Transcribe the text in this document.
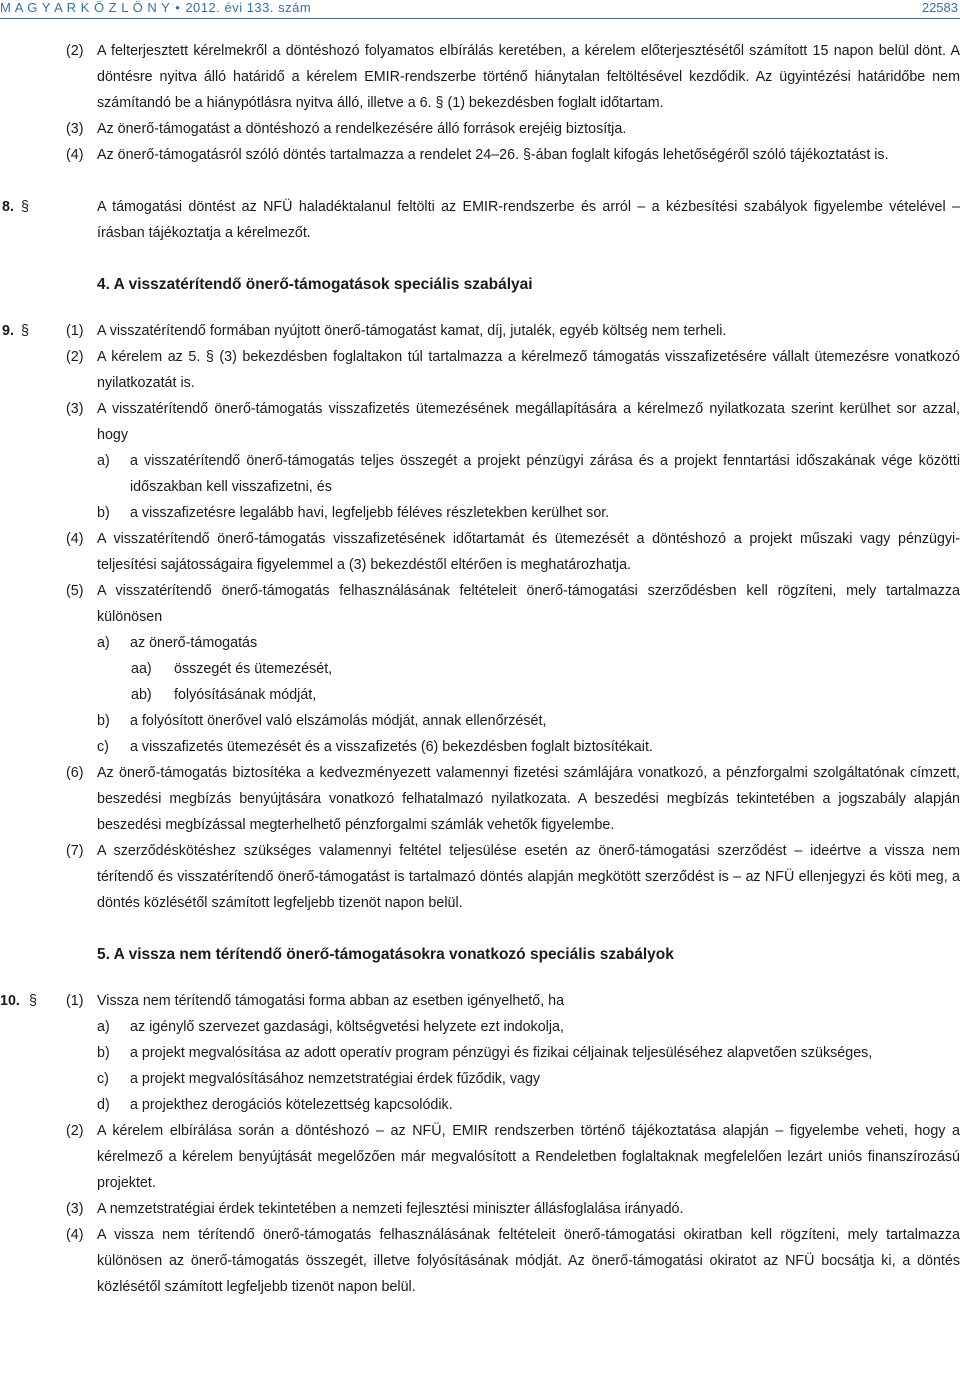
M A G Y A R K Ö Z L Ö N Y • 2012. évi 133. szám	22583

(2) A felterjesztett kérelmekről a döntéshozó folyamatos elbírálás keretében, a kérelem előterjesztésétől számított 15 napon belül dönt. A döntésre nyitva álló határidő a kérelem EMIR-rendszerbe történő hiánytalan feltöltésével kezdődik. Az ügyintézési határidőbe nem számítandó be a hiánypótlásra nyitva álló, illetve a 6. § (1) bekezdésben foglalt időtartam.

(3) Az önerő-támogatást a döntéshozó a rendelkezésére álló források erejéig biztosítja.

(4) Az önerő-támogatásról szóló döntés tartalmazza a rendelet 24–26. §-ában foglalt kifogás lehetőségéről szóló tájékoztatást is.

8. §	A támogatási döntést az NFÜ haladéktalanul feltölti az EMIR-rendszerbe és arról – a kézbesítési szabályok figyelembe vételével – írásban tájékoztatja a kérelmezőt.

4. A visszatérítendő önerő-támogatások speciális szabályai

9. §	(1) A visszatérítendő formában nyújtott önerő-támogatást kamat, díj, jutalék, egyéb költség nem terheli.

(2) A kérelem az 5. § (3) bekezdésben foglaltakon túl tartalmazza a kérelmező támogatás visszafizetésére vállalt ütemezésre vonatkozó nyilatkozatát is.

(3) A visszatérítendő önerő-támogatás visszafizetés ütemezésének megállapítására a kérelmező nyilatkozata szerint kerülhet sor azzal, hogy

a) a visszatérítendő önerő-támogatás teljes összegét a projekt pénzügyi zárása és a projekt fenntartási időszakának vége közötti időszakban kell visszafizetni, és

b) a visszafizetésre legalább havi, legfeljebb féléves részletekben kerülhet sor.

(4) A visszatérítendő önerő-támogatás visszafizetésének időtartamát és ütemezését a döntéshozó a projekt műszaki vagy pénzügyi-teljesítési sajátosságaira figyelemmel a (3) bekezdéstől eltérően is meghatározhatja.

(5) A visszatérítendő önerő-támogatás felhasználásának feltételeit önerő-támogatási szerződésben kell rögzíteni, mely tartalmazza különösen

a) az önerő-támogatás

aa) összegét és ütemezését,

ab) folyósításának módját,

b) a folyósított önerővel való elszámolás módját, annak ellenőrzését,

c) a visszafizetés ütemezését és a visszafizetés (6) bekezdésben foglalt biztosítékait.

(6) Az önerő-támogatás biztosítéka a kedvezményezett valamennyi fizetési számlájára vonatkozó, a pénzforgalmi szolgáltatónak címzett, beszedési megbízás benyújtására vonatkozó felhatalmazó nyilatkozata. A beszedési megbízás tekintetében a jogszabály alapján beszedési megbízással megterhelhető pénzforgalmi számlák vehetők figyelembe.

(7) A szerződéskötéshez szükséges valamennyi feltétel teljesülése esetén az önerő-támogatási szerződést – ideértve a vissza nem térítendő és visszatérítendő önerő-támogatást is tartalmazó döntés alapján megkötött szerződést is – az NFÜ ellenjegyzi és köti meg, a döntés közlésétől számított legfeljebb tizenöt napon belül.

5. A vissza nem térítendő önerő-támogatásokra vonatkozó speciális szabályok

10. § (1) Vissza nem térítendő támogatási forma abban az esetben igényelhető, ha

a) az igénylő szervezet gazdasági, költségvetési helyzete ezt indokolja,

b) a projekt megvalósítása az adott operatív program pénzügyi és fizikai céljainak teljesüléséhez alapvetően szükséges,

c) a projekt megvalósításához nemzetstratégiai érdek fűződik, vagy

d) a projekthez derogációs kötelezettség kapcsolódik.

(2) A kérelem elbírálása során a döntéshozó – az NFÜ, EMIR rendszerben történő tájékoztatása alapján – figyelembe veheti, hogy a kérelmező a kérelem benyújtását megelőzően már megvalósított a Rendeletben foglaltaknak megfelelően lezárt uniós finanszírozású projektet.

(3) A nemzetstratégiai érdek tekintetében a nemzeti fejlesztési miniszter állásfoglalása irányadó.

(4) A vissza nem térítendő önerő-támogatás felhasználásának feltételeit önerő-támogatási okiratban kell rögzíteni, mely tartalmazza különösen az önerő-támogatás összegét, illetve folyósításának módját. Az önerő-támogatási okiratot az NFÜ bocsátja ki, a döntés közlésétől számított legfeljebb tizenöt napon belül.
